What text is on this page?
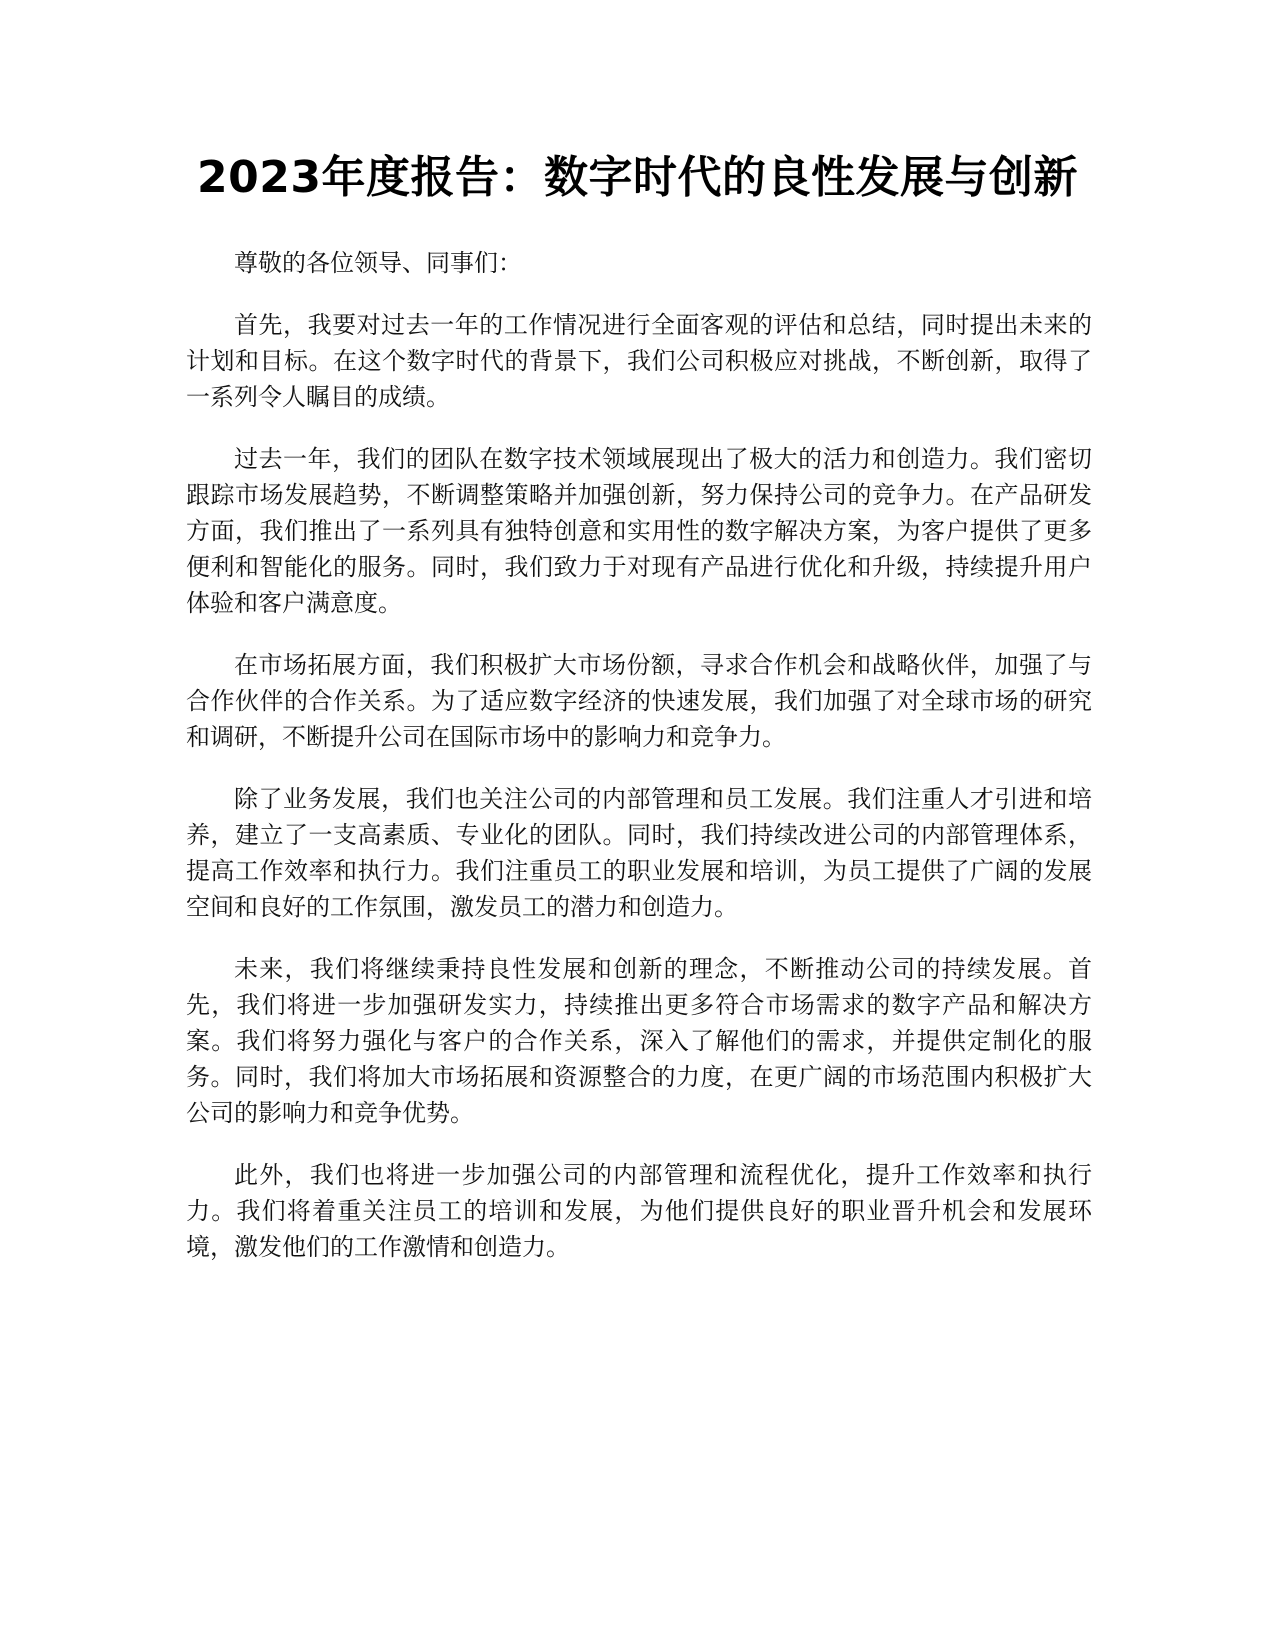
2023年度报告：数字时代的良性发展与创新

尊敬的各位领导、同事们：

首先，我要对过去一年的工作情况进行全面客观的评估和总结，同时提出未来的计划和目标。在这个数字时代的背景下，我们公司积极应对挑战，不断创新，取得了一系列令人瞩目的成绩。

过去一年，我们的团队在数字技术领域展现出了极大的活力和创造力。我们密切跟踪市场发展趋势，不断调整策略并加强创新，努力保持公司的竞争力。在产品研发方面，我们推出了一系列具有独特创意和实用性的数字解决方案，为客户提供了更多便利和智能化的服务。同时，我们致力于对现有产品进行优化和升级，持续提升用户体验和客户满意度。

在市场拓展方面，我们积极扩大市场份额，寻求合作机会和战略伙伴，加强了与合作伙伴的合作关系。为了适应数字经济的快速发展，我们加强了对全球市场的研究和调研，不断提升公司在国际市场中的影响力和竞争力。

除了业务发展，我们也关注公司的内部管理和员工发展。我们注重人才引进和培养，建立了一支高素质、专业化的团队。同时，我们持续改进公司的内部管理体系，提高工作效率和执行力。我们注重员工的职业发展和培训，为员工提供了广阔的发展空间和良好的工作氛围，激发员工的潜力和创造力。

未来，我们将继续秉持良性发展和创新的理念，不断推动公司的持续发展。首先，我们将进一步加强研发实力，持续推出更多符合市场需求的数字产品和解决方案。我们将努力强化与客户的合作关系，深入了解他们的需求，并提供定制化的服务。同时，我们将加大市场拓展和资源整合的力度，在更广阔的市场范围内积极扩大公司的影响力和竞争优势。

此外，我们也将进一步加强公司的内部管理和流程优化，提升工作效率和执行力。我们将着重关注员工的培训和发展，为他们提供良好的职业晋升机会和发展环境，激发他们的工作激情和创造力。
